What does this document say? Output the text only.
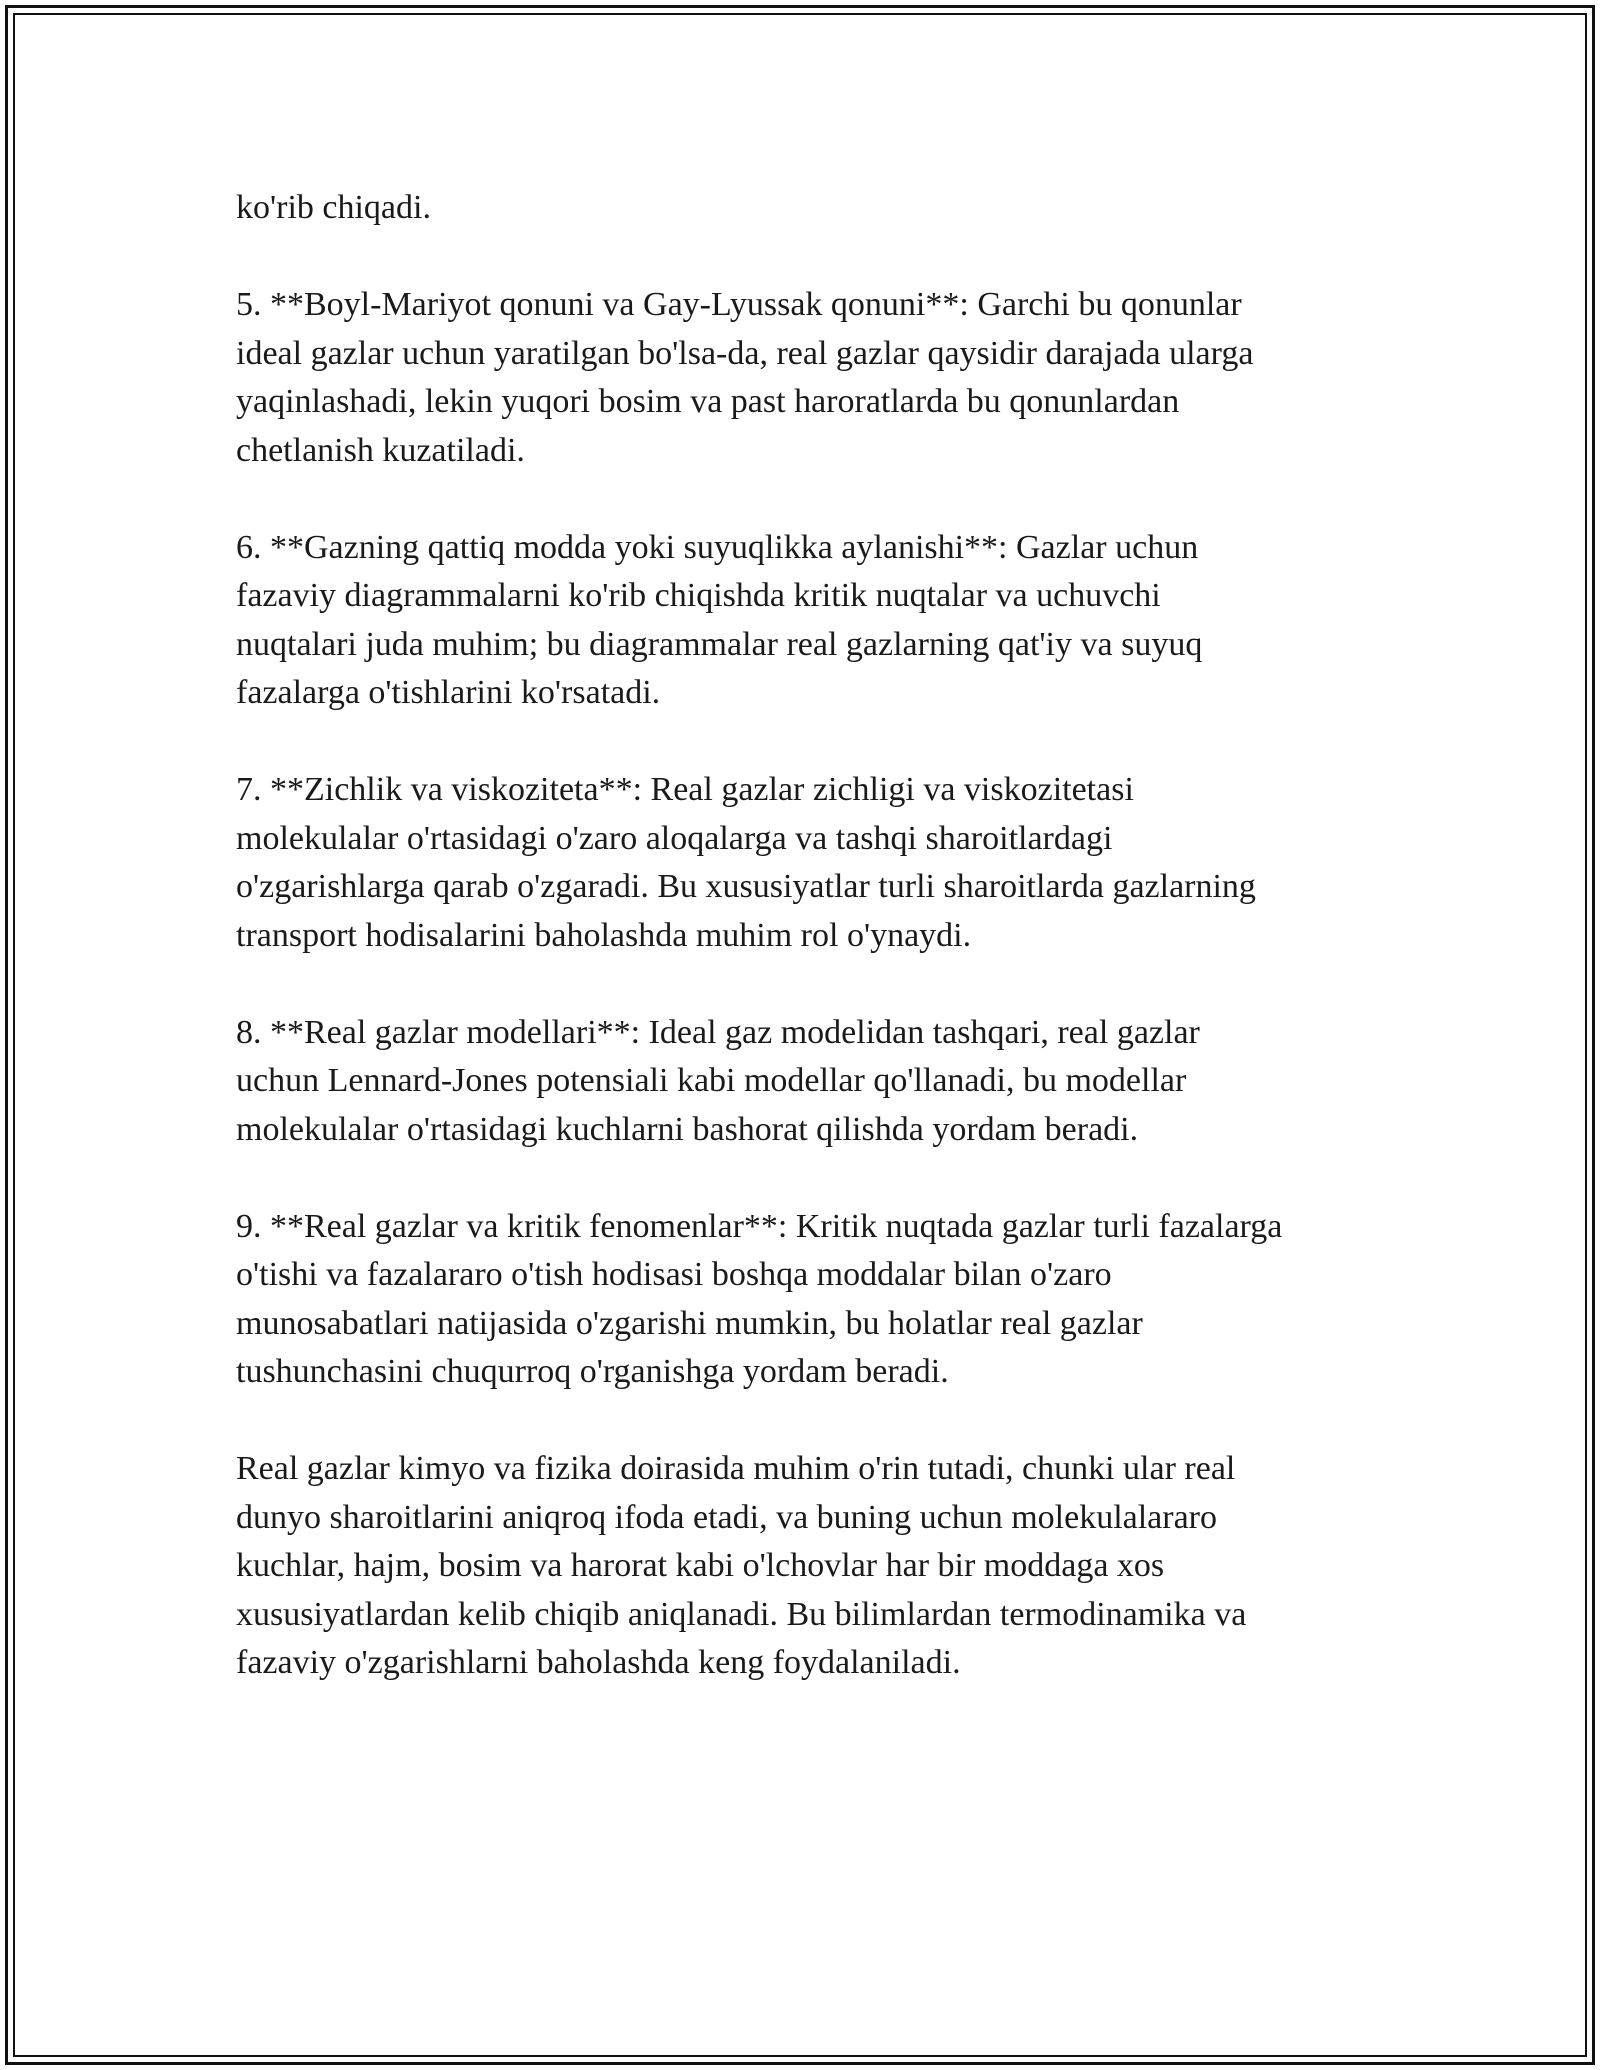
ko'rib chiqadi.

5. **Boyl-Mariyot qonuni va Gay-Lyussak qonuni**: Garchi bu qonunlar
ideal gazlar uchun yaratilgan bo'lsa-da, real gazlar qaysidir darajada ularga
yaqinlashadi, lekin yuqori bosim va past haroratlarda bu qonunlardan
chetlanish kuzatiladi.

6. **Gazning qattiq modda yoki suyuqlikka aylanishi**: Gazlar uchun
fazaviy diagrammalarni ko'rib chiqishda kritik nuqtalar va uchuvchi
nuqtalari juda muhim; bu diagrammalar real gazlarning qat'iy va suyuq
fazalarga o'tishlarini ko'rsatadi.

7. **Zichlik va viskoziteta**: Real gazlar zichligi va viskozitetasi
molekulalar o'rtasidagi o'zaro aloqalarga va tashqi sharoitlardagi
o'zgarishlarga qarab o'zgaradi. Bu xususiyatlar turli sharoitlarda gazlarning
transport hodisalarini baholashda muhim rol o'ynaydi.

8. **Real gazlar modellari**: Ideal gaz modelidan tashqari, real gazlar
uchun Lennard-Jones potensiali kabi modellar qo'llanadi, bu modellar
molekulalar o'rtasidagi kuchlarni bashorat qilishda yordam beradi.

9. **Real gazlar va kritik fenomenlar**: Kritik nuqtada gazlar turli fazalarga
o'tishi va fazalararo o'tish hodisasi boshqa moddalar bilan o'zaro
munosabatlari natijasida o'zgarishi mumkin, bu holatlar real gazlar
tushunchasini chuqurroq o'rganishga yordam beradi.

Real gazlar kimyo va fizika doirasida muhim o'rin tutadi, chunki ular real
dunyo sharoitlarini aniqroq ifoda etadi, va buning uchun molekulalararo
kuchlar, hajm, bosim va harorat kabi o'lchovlar har bir moddaga xos
xususiyatlardan kelib chiqib aniqlanadi. Bu bilimlardan termodinamika va
fazaviy o'zgarishlarni baholashda keng foydalaniladi.
